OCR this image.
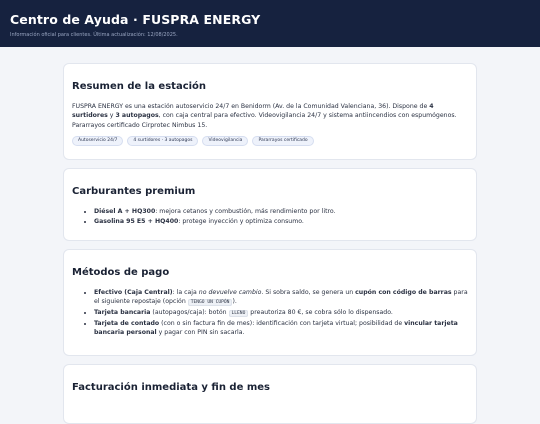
Centro de Ayuda · FUSPRA ENERGY
Información oficial para clientes. Última actualización: 12/08/2025.
Resumen de la estación

FUSPRA ENERGY es una estación autoservicio 24/7 en Benidorm (Av. de la Comunidad Valenciana, 36). Dispone de 4 surtidores y 3 autopagos, con caja central para efectivo. Videovigilancia 24/7 y sistema antiincendios con espumógenos. Pararrayos certificado Cirprotec Nimbus 15.

Autoservicio 24/7	4 surtidores · 3 autopagos	Videovigilancia	Pararrayos certificado
Carburantes premium
• Diésel A + HQ300: mejora cetanos y combustión, más rendimiento por litro.
• Gasolina 95 E5 + HQ400: protege inyección y optimiza consumo.
Métodos de pago
• Efectivo (Caja Central): la caja no devuelve cambio. Si sobra saldo, se genera un cupón con código de barras para el siguiente repostaje (opción TENGO UN CUPÓN ).
• Tarjeta bancaria (autopagos/caja): botón LLENO preautoriza 80 €, se cobra sólo lo dispensado.
• Tarjeta de contado (con o sin factura fin de mes): identificación con tarjeta virtual; posibilidad de vincular tarjeta bancaria personal y pagar con PIN sin sacarla.
Facturación inmediata y fin de mes
